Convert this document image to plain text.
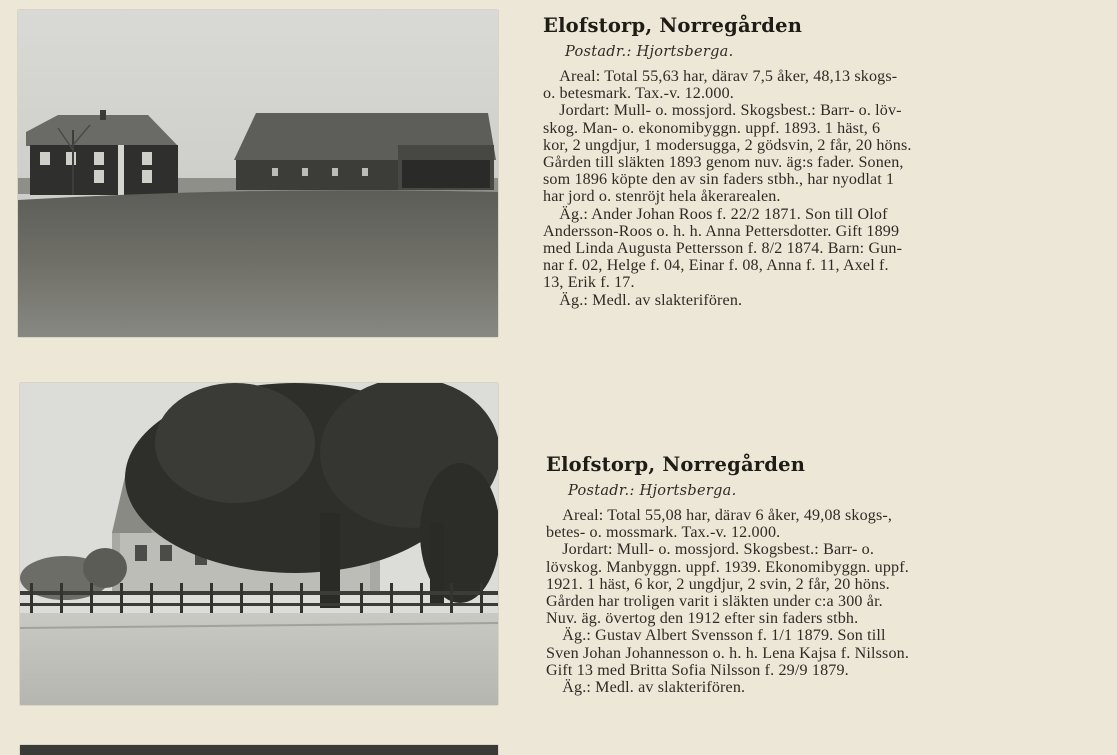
Elofstorp, Norregården
Postadr.: Hjortsberga.
 Areal: Total 55,63 har, därav 7,5 åker, 48,13 skogs-
o. betesmark. Tax.-v. 12.000.
 Jordart: Mull- o. mossjord. Skogsbest.: Barr- o. löv-
skog. Man- o. ekonomibyggn. uppf. 1893. 1 häst, 6
kor, 2 ungdjur, 1 modersugga, 2 gödsvin, 2 får, 20 höns.
Gården till släkten 1893 genom nuv. äg:s fader. Sonen,
som 1896 köpte den av sin faders stbh., har nyodlat 1
har jord o. stenröjt hela åkerarealen.
 Äg.: Ander Johan Roos f. 22/2 1871. Son till Olof
Andersson-Roos o. h. h. Anna Pettersdotter. Gift 1899
med Linda Augusta Pettersson f. 8/2 1874. Barn: Gun-
nar f. 02, Helge f. 04, Einar f. 08, Anna f. 11, Axel f.
13, Erik f. 17.
 Äg.: Medl. av slakterifören.
Elofstorp, Norregården
Postadr.: Hjortsberga.
 Areal: Total 55,08 har, därav 6 åker, 49,08 skogs-,
betes- o. mossmark. Tax.-v. 12.000.
 Jordart: Mull- o. mossjord. Skogsbest.: Barr- o.
lövskog. Manbyggn. uppf. 1939. Ekonomibyggn. uppf.
1921. 1 häst, 6 kor, 2 ungdjur, 2 svin, 2 får, 20 höns.
Gården har troligen varit i släkten under c:a 300 år.
Nuv. äg. övertog den 1912 efter sin faders stbh.
 Äg.: Gustav Albert Svensson f. 1/1 1879. Son till
Sven Johan Johannesson o. h. h. Lena Kajsa f. Nilsson.
Gift 13 med Britta Sofia Nilsson f. 29/9 1879.
 Äg.: Medl. av slakterifören.
